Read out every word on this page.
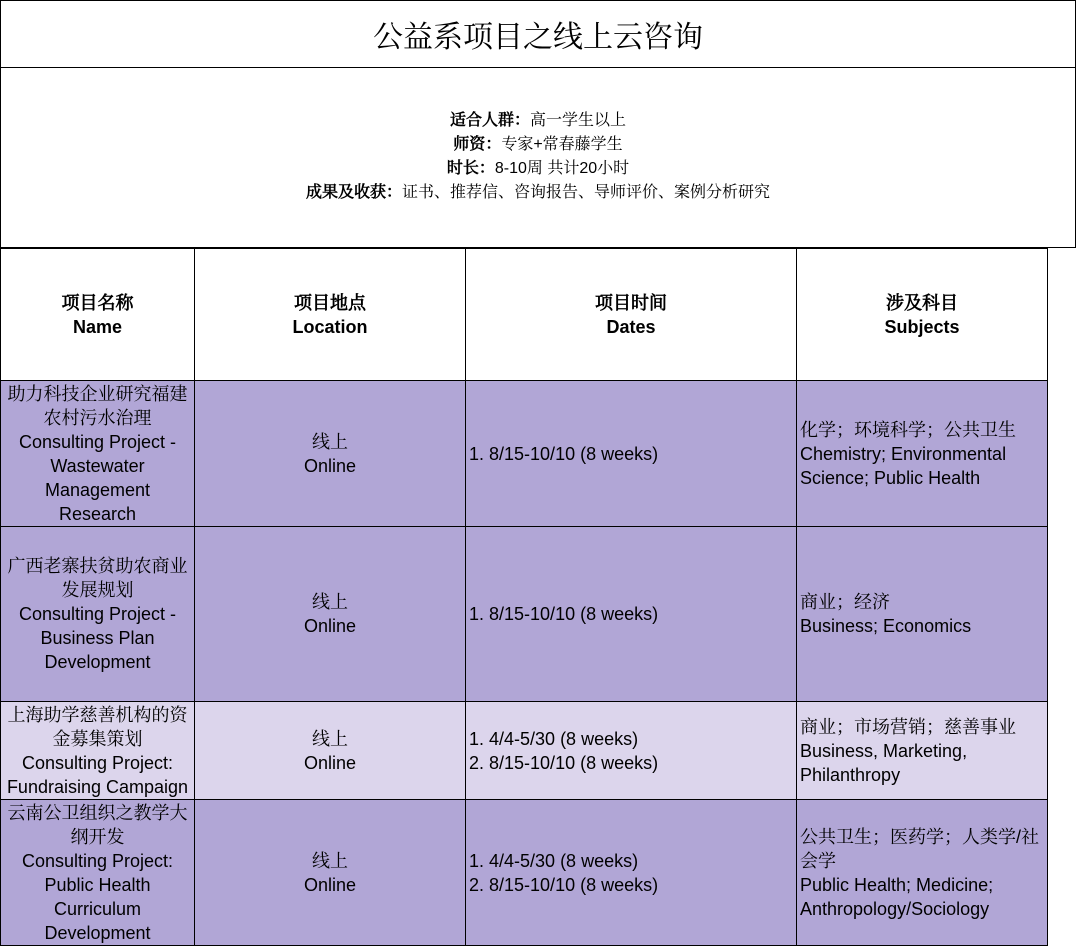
公益系项目之线上云咨询
适合人群：高一学生以上
师资：专家+常春藤学生
时长：8-10周 共计20小时
成果及收获：证书、推荐信、咨询报告、导师评价、案例分析研究
项目名称
Name	项目地点
Location	项目时间
Dates	涉及科目
Subjects

助力科技企业研究福建农村污水治理
Consulting Project - Wastewater Management Research	线上
Online	1. 8/15-10/10 (8 weeks)	化学；环境科学；公共卫生
Chemistry; Environmental Science; Public Health

广西老寨扶贫助农商业发展规划
Consulting Project - Business Plan Development	线上
Online	1. 8/15-10/10 (8 weeks)	商业；经济
Business; Economics

上海助学慈善机构的资金募集策划
Consulting Project: Fundraising Campaign	线上
Online	1. 4/4-5/30 (8 weeks)
2. 8/15-10/10 (8 weeks)	商业；市场营销；慈善事业
Business, Marketing, Philanthropy

云南公卫组织之教学大纲开发
Consulting Project: Public Health Curriculum Development	线上
Online	1. 4/4-5/30 (8 weeks)
2. 8/15-10/10 (8 weeks)	公共卫生；医药学；人类学/社会学
Public Health; Medicine; Anthropology/Sociology
